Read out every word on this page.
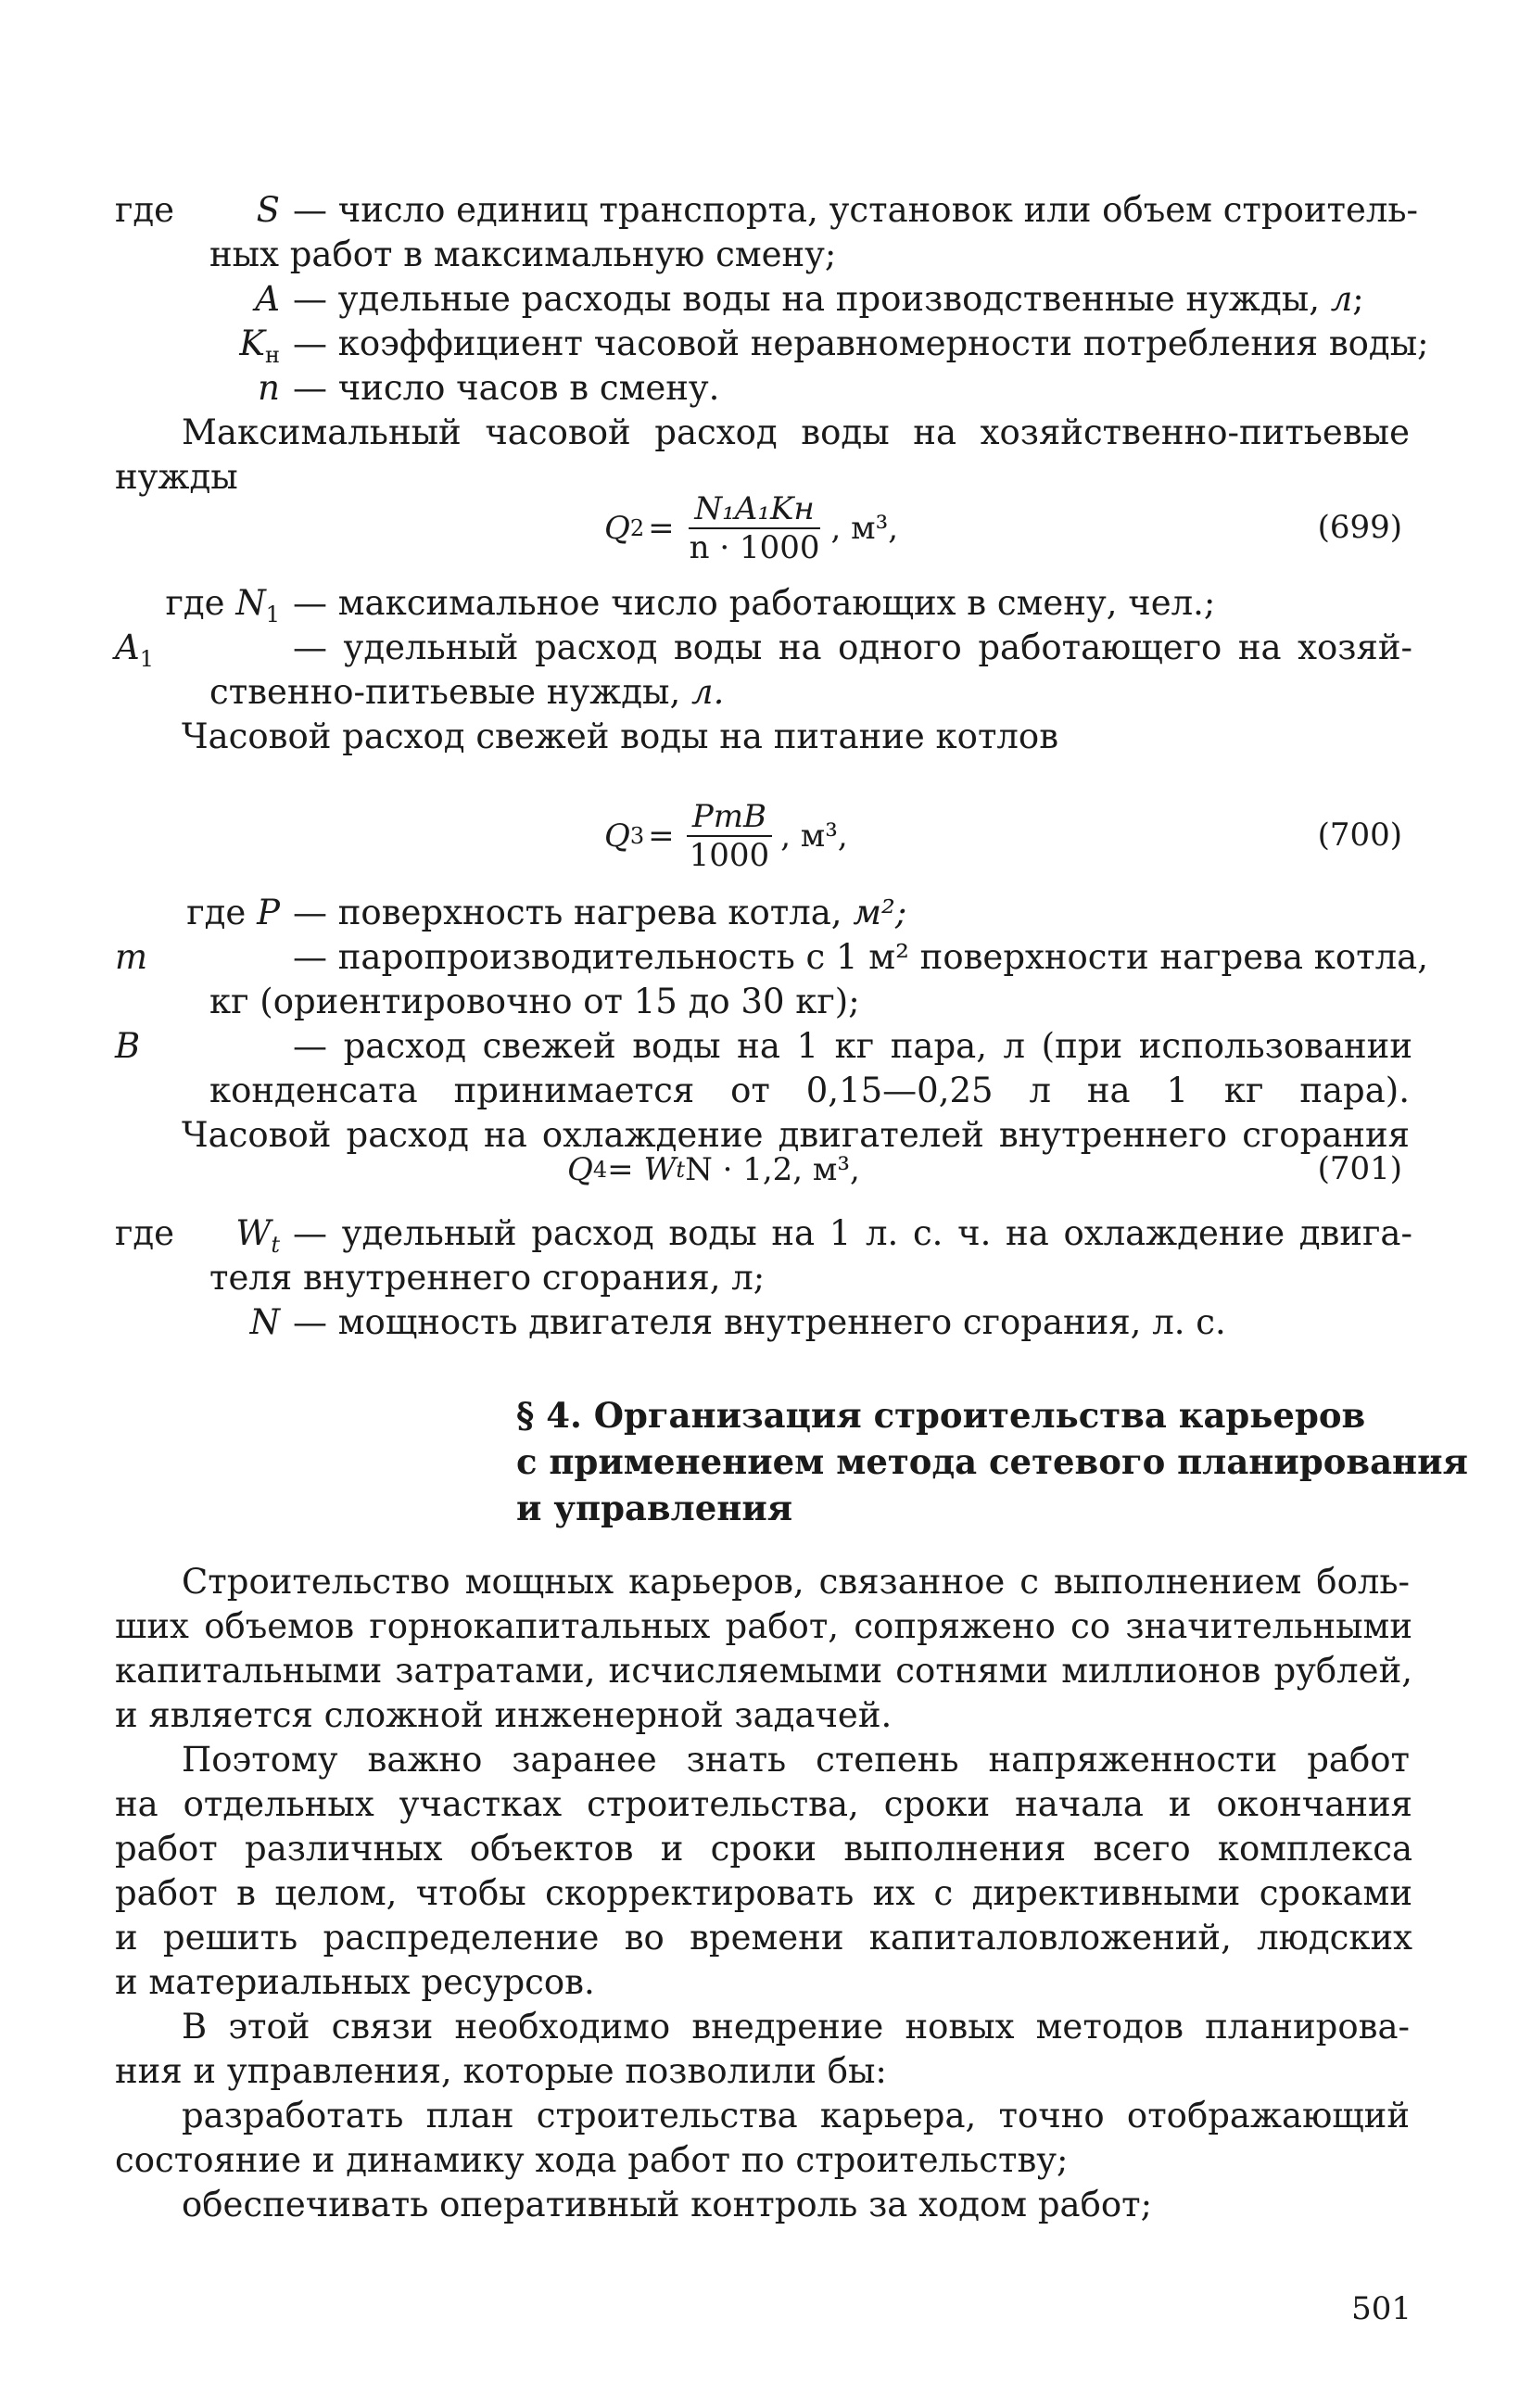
где S — число единиц транспорта, установок или объем строитель-
ных работ в максимальную смену;
A — удельные расходы воды на производственные нужды, л;
$K_н$ — коэффициент часовой неравномерности потребления воды;
n — число часов в смену.
Максимальный часовой расход воды на хозяйственно-питьевые
нужды
Q $2 = \frac{\text{N₁A₁Kн}}{n \cdot 1000}$ , м³,	(699)
где $N_1$ — максимальное число работающих в смену, чел.;
$A_1$	— удельный расход воды на одного работающего на хозяй-
ственно-питьевые нужды, л.
Часовой расход свежей воды на питание котлов
Q $3 = \frac{\text{PmB}}{1000}$ , м³,	(700)
где P — поверхность нагрева котла, м²;
m	— паропроизводительность с 1 м² поверхности нагрева котла,
кг (ориентировочно от 15 до 30 кг);
B	— расход свежей воды на 1 кг пара, л (при использовании
конденсата принимается от 0,15—0,25 л на 1 кг пара).
Часовой расход на охлаждение двигателей внутреннего сгорания
Q 4 = W t N · 1,2, м³,	(701)
где $W_t$ — удельный расход воды на 1 л. с. ч. на охлаждение двига-
теля внутреннего сгорания, л;
N — мощность двигателя внутреннего сгорания, л. с.
§ 4. Организация строительства карьеров
с применением метода сетевого планирования
и управления
Строительство мощных карьеров, связанное с выполнением боль-
ших объемов горнокапитальных работ, сопряжено со значительными
капитальными затратами, исчисляемыми сотнями миллионов рублей,
и является сложной инженерной задачей.
Поэтому важно заранее знать степень напряженности работ
на отдельных участках строительства, сроки начала и окончания
работ различных объектов и сроки выполнения всего комплекса
работ в целом, чтобы скорректировать их с директивными сроками
и решить распределение во времени капиталовложений, людских
и материальных ресурсов.
В этой связи необходимо внедрение новых методов планирова-
ния и управления, которые позволили бы:
разработать план строительства карьера, точно отображающий
состояние и динамику хода работ по строительству;
обеспечивать оперативный контроль за ходом работ;
501
